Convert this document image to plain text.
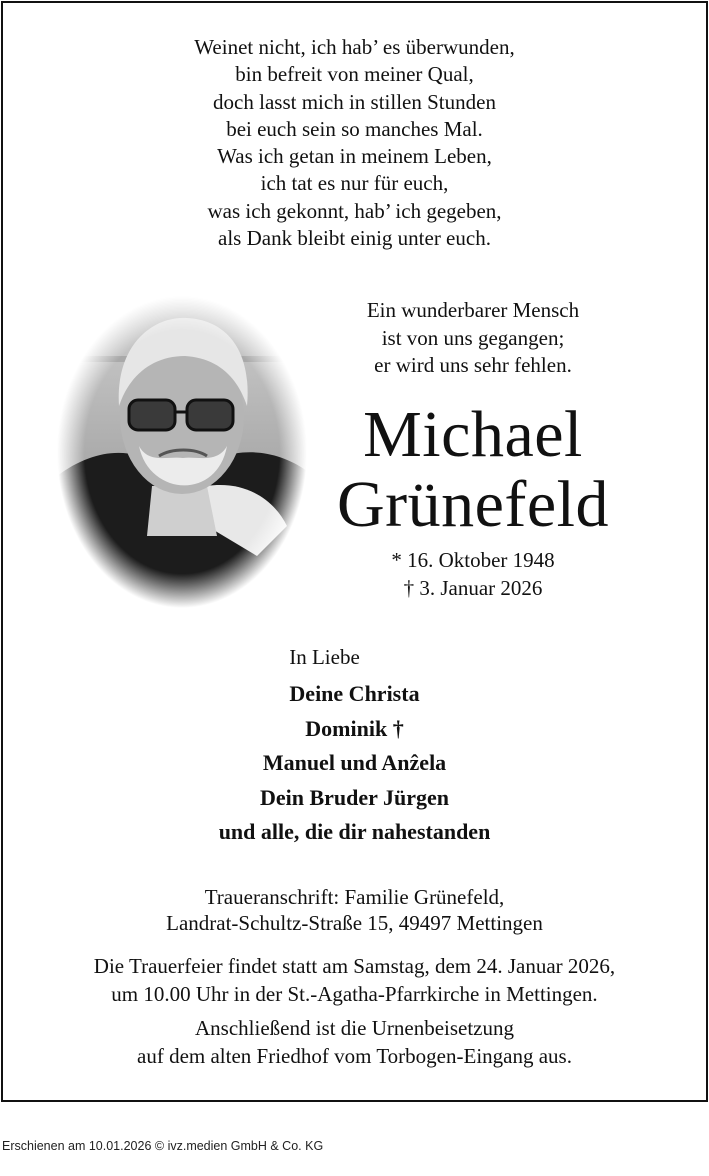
Weinet nicht, ich hab’ es überwunden,
bin befreit von meiner Qual,
doch lasst mich in stillen Stunden
bei euch sein so manches Mal.
Was ich getan in meinem Leben,
ich tat es nur für euch,
was ich gekonnt, hab’ ich gegeben,
als Dank bleibt einig unter euch.
Ein wunderbarer Mensch
ist von uns gegangen;
er wird uns sehr fehlen.
Michael
Grünefeld
* 16. Oktober 1948
† 3. Januar 2026
In Liebe
Deine Christa
Dominik †
Manuel und Anẑela
Dein Bruder Jürgen
und alle, die dir nahestanden
Traueranschrift: Familie Grünefeld,
Landrat-Schultz-Straße 15, 49497 Mettingen
Die Trauerfeier findet statt am Samstag, dem 24. Januar 2026,
um 10.00 Uhr in der St.-Agatha-Pfarrkirche in Mettingen.
Anschließend ist die Urnenbeisetzung
auf dem alten Friedhof vom Torbogen-Eingang aus.
Erschienen am 10.01.2026 © ivz.medien GmbH & Co. KG
